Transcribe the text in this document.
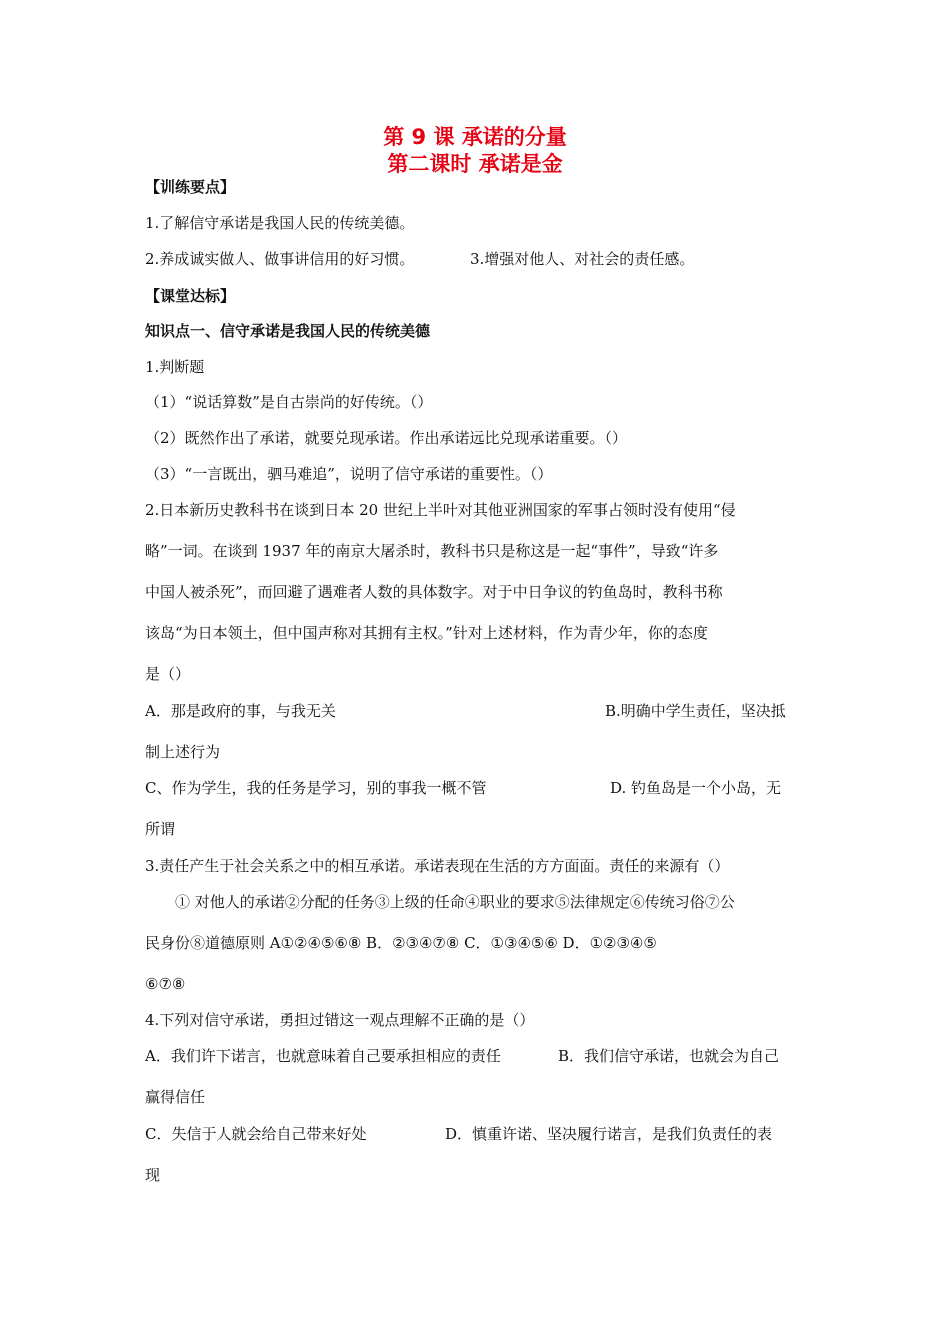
第 9 课 承诺的分量
第二课时 承诺是金
【训练要点】
1.了解信守承诺是我国人民的传统美德。
2.养成诚实做人、做事讲信用的好习惯。	3.增强对他人、对社会的责任感。
【课堂达标】
知识点一、信守承诺是我国人民的传统美德
1.判断题
（1）“说话算数”是自古崇尚的好传统。（）
（2）既然作出了承诺，就要兑现承诺。作出承诺远比兑现承诺重要。（）
（3）“一言既出，驷马难追”，说明了信守承诺的重要性。（）
2.日本新历史教科书在谈到日本 20 世纪上半叶对其他亚洲国家的军事占领时没有使用“侵
略”一词。在谈到 1937 年的南京大屠杀时，教科书只是称这是一起“事件”，导致“许多
中国人被杀死”，而回避了遇难者人数的具体数字。对于中日争议的钓鱼岛时，教科书称
该岛“为日本领土，但中国声称对其拥有主权。”针对上述材料，作为青少年，你的态度
是（）
A．那是政府的事，与我无关	B.明确中学生责任，坚决抵
制上述行为
C、作为学生，我的任务是学习，别的事我一概不管	D. 钓鱼岛是一个小岛，无
所谓
3.责任产生于社会关系之中的相互承诺。承诺表现在生活的方方面面。责任的来源有（）
① 对他人的承诺②分配的任务③上级的任命④职业的要求⑤法律规定⑥传统习俗⑦公
民身份⑧道德原则 A①②④⑤⑥⑧ B．②③④⑦⑧ C．①③④⑤⑥ D．①②③④⑤
⑥⑦⑧
4.下列对信守承诺，勇担过错这一观点理解不正确的是（）
A．我们许下诺言，也就意味着自己要承担相应的责任	B．我们信守承诺，也就会为自己
赢得信任
C．失信于人就会给自己带来好处	D．慎重许诺、坚决履行诺言，是我们负责任的表
现
